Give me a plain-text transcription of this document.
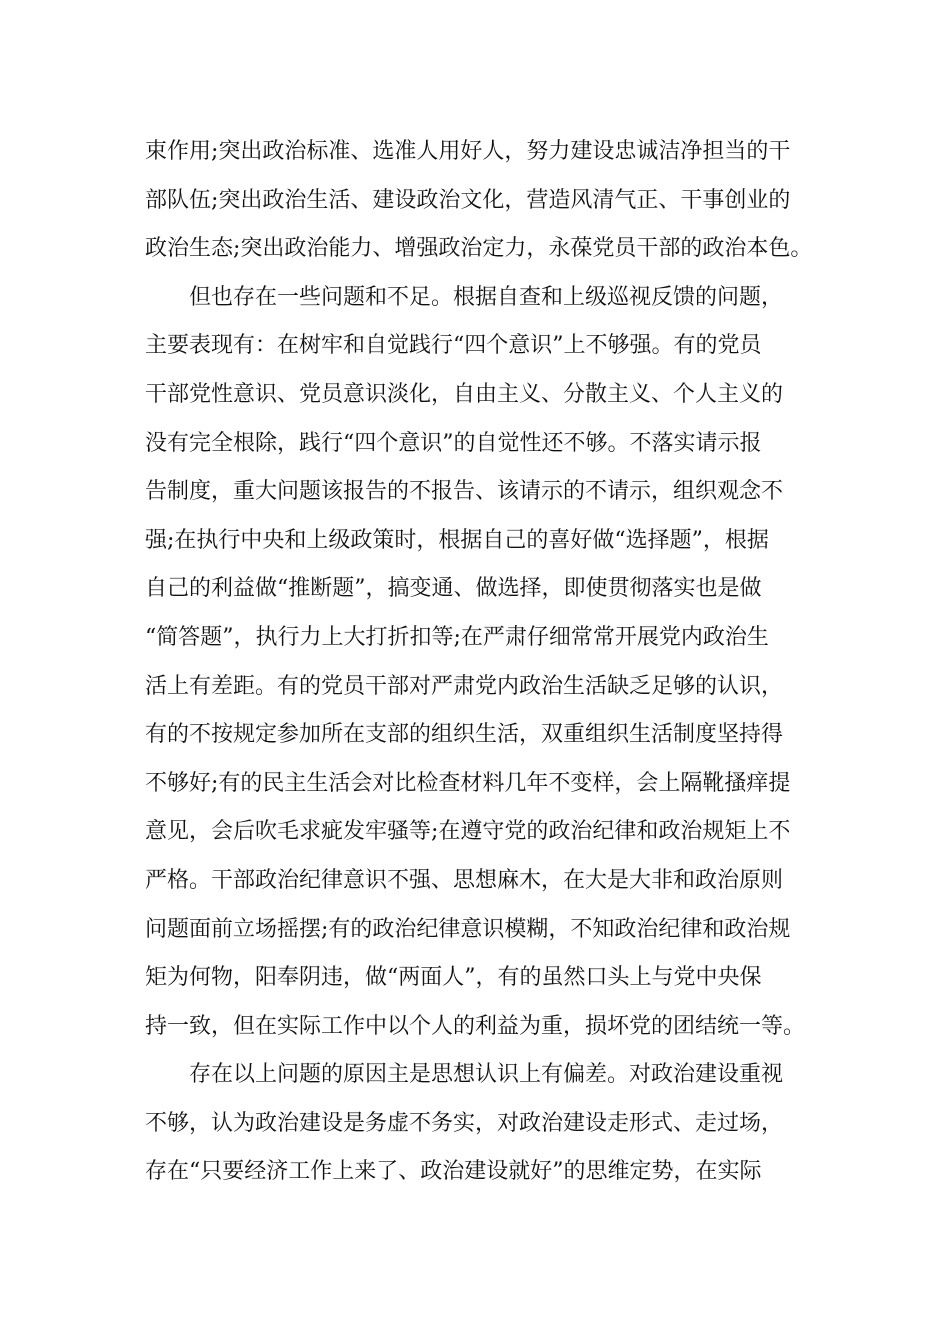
束作用;突出政治标准、选准人用好人，努力建设忠诚洁净担当的干
部队伍;突出政治生活、建设政治文化，营造风清气正、干事创业的
政治生态;突出政治能力、增强政治定力，永葆党员干部的政治本色。
但也存在一些问题和不足。根据自查和上级巡视反馈的问题，
主要表现有：在树牢和自觉践行“四个意识”上不够强。有的党员
干部党性意识、党员意识淡化，自由主义、分散主义、个人主义的
没有完全根除，践行“四个意识”的自觉性还不够。不落实请示报
告制度，重大问题该报告的不报告、该请示的不请示，组织观念不
强;在执行中央和上级政策时，根据自己的喜好做“选择题”，根据
自己的利益做“推断题”，搞变通、做选择，即使贯彻落实也是做
“简答题”，执行力上大打折扣等;在严肃仔细常常开展党内政治生
活上有差距。有的党员干部对严肃党内政治生活缺乏足够的认识，
有的不按规定参加所在支部的组织生活，双重组织生活制度坚持得
不够好;有的民主生活会对比检查材料几年不变样，会上隔靴搔痒提
意见，会后吹毛求疵发牢骚等;在遵守党的政治纪律和政治规矩上不
严格。干部政治纪律意识不强、思想麻木，在大是大非和政治原则
问题面前立场摇摆;有的政治纪律意识模糊，不知政治纪律和政治规
矩为何物，阳奉阴违，做“两面人”，有的虽然口头上与党中央保
持一致，但在实际工作中以个人的利益为重，损坏党的团结统一等。
存在以上问题的原因主是思想认识上有偏差。对政治建设重视
不够，认为政治建设是务虚不务实，对政治建设走形式、走过场，
存在“只要经济工作上来了、政治建设就好”的思维定势，在实际
